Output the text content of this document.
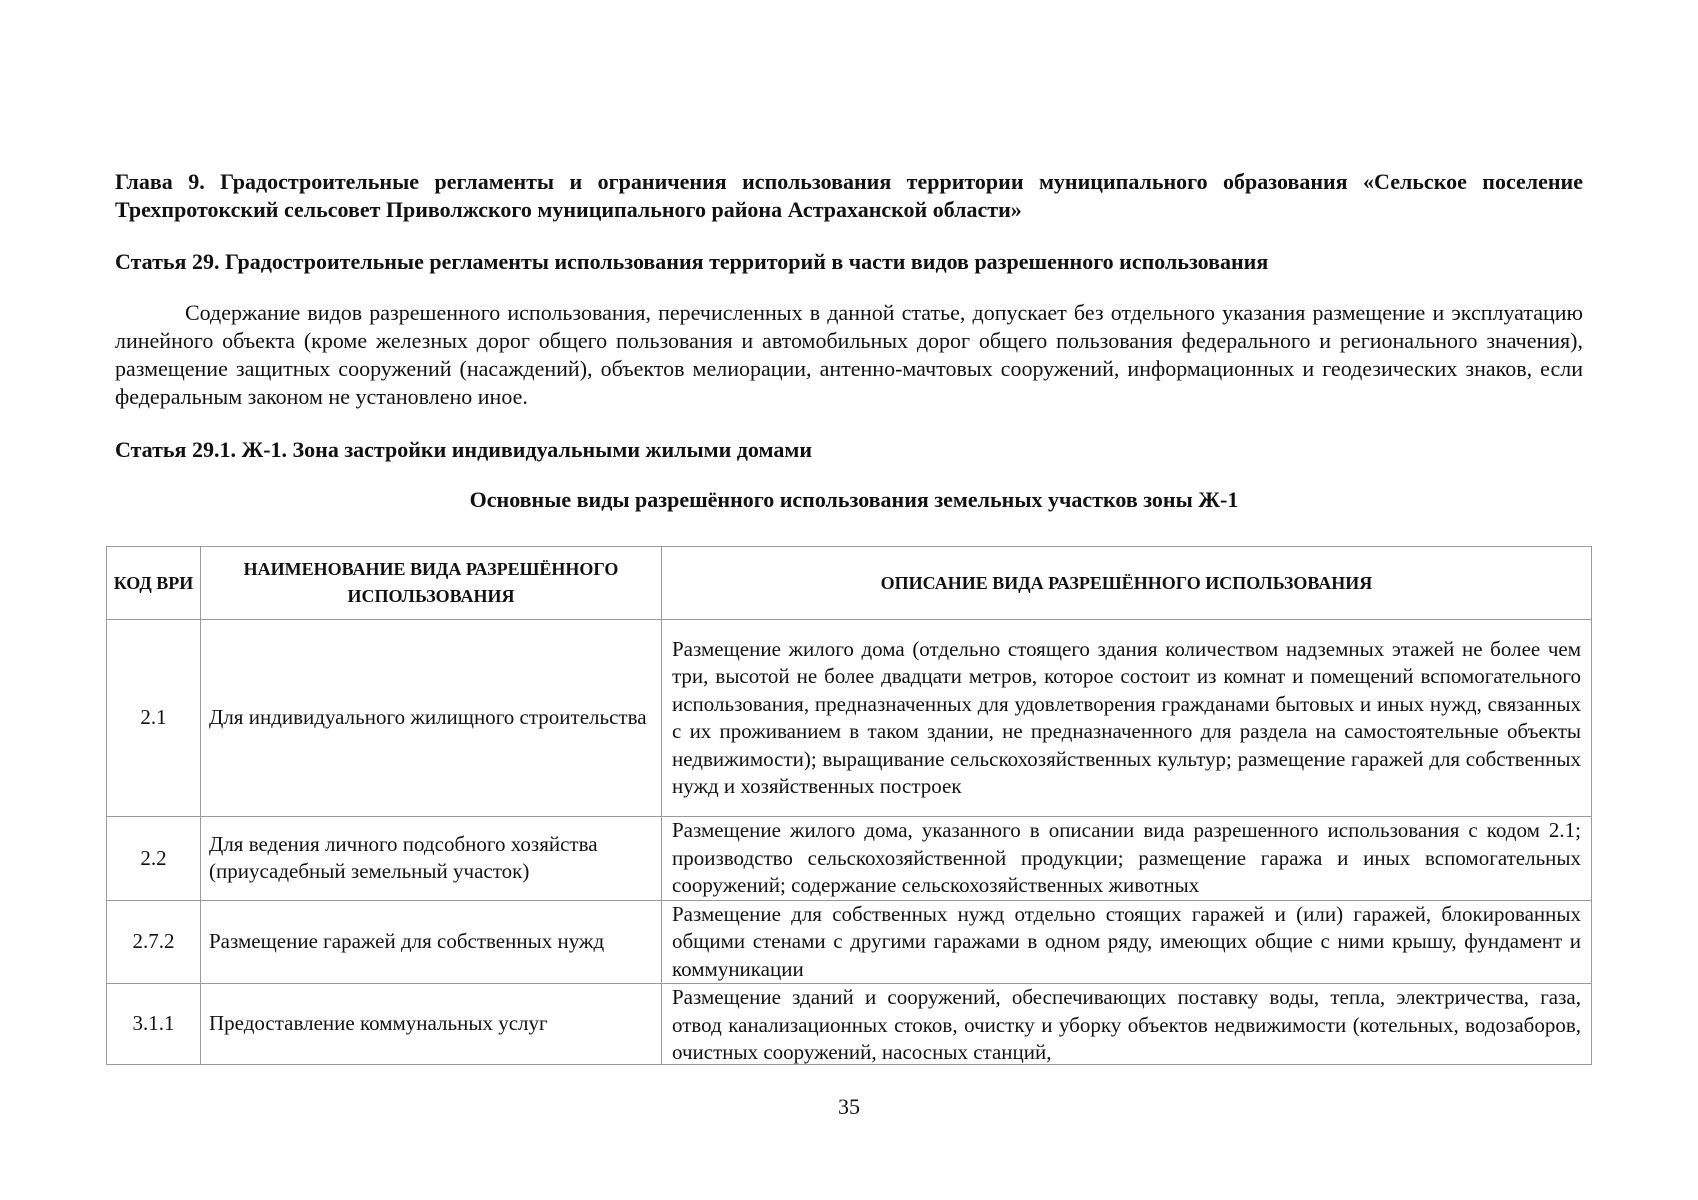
Глава 9. Градостроительные регламенты и ограничения использования территории муниципального образования «Сельское поселение Трехпротокский сельсовет Приволжского муниципального района Астраханской области»
Статья 29. Градостроительные регламенты использования территорий в части видов разрешенного использования

Содержание видов разрешенного использования, перечисленных в данной статье, допускает без отдельного указания размещение и эксплуатацию линейного объекта (кроме железных дорог общего пользования и автомобильных дорог общего пользования федерального и регионального значения), размещение защитных сооружений (насаждений), объектов мелиорации, антенно-мачтовых сооружений, информационных и геодезических знаков, если федеральным законом не установлено иное.

Статья 29.1. Ж-1. Зона застройки индивидуальными жилыми домами
Основные виды разрешённого использования земельных участков зоны Ж-1
КОД ВРИ	НАИМЕНОВАНИЕ ВИДА РАЗРЕШЁННОГО ИСПОЛЬЗОВАНИЯ	ОПИСАНИЕ ВИДА РАЗРЕШЁННОГО ИСПОЛЬЗОВАНИЯ
2.1	Для индивидуального жилищного строительства	Размещение жилого дома (отдельно стоящего здания количеством надземных этажей не более чем три, высотой не более двадцати метров, которое состоит из комнат и помещений вспомогательного использования, предназначенных для удовлетворения гражданами бытовых и иных нужд, связанных с их проживанием в таком здании, не предназначенного для раздела на самостоятельные объекты недвижимости); выращивание сельскохозяйственных культур; размещение гаражей для собственных нужд и хозяйственных построек
2.2	Для ведения личного подсобного хозяйства (приусадебный земельный участок)	Размещение жилого дома, указанного в описании вида разрешенного использования с кодом 2.1; производство сельскохозяйственной продукции; размещение гаража и иных вспомогательных сооружений; содержание сельскохозяйственных животных
2.7.2	Размещение гаражей для собственных нужд	Размещение для собственных нужд отдельно стоящих гаражей и (или) гаражей, блокированных общими стенами с другими гаражами в одном ряду, имеющих общие с ними крышу, фундамент и коммуникации
3.1.1	Предоставление коммунальных услуг	Размещение зданий и сооружений, обеспечивающих поставку воды, тепла, электричества, газа, отвод канализационных стоков, очистку и уборку объектов недвижимости (котельных, водозаборов, очистных сооружений, насосных станций,
35
